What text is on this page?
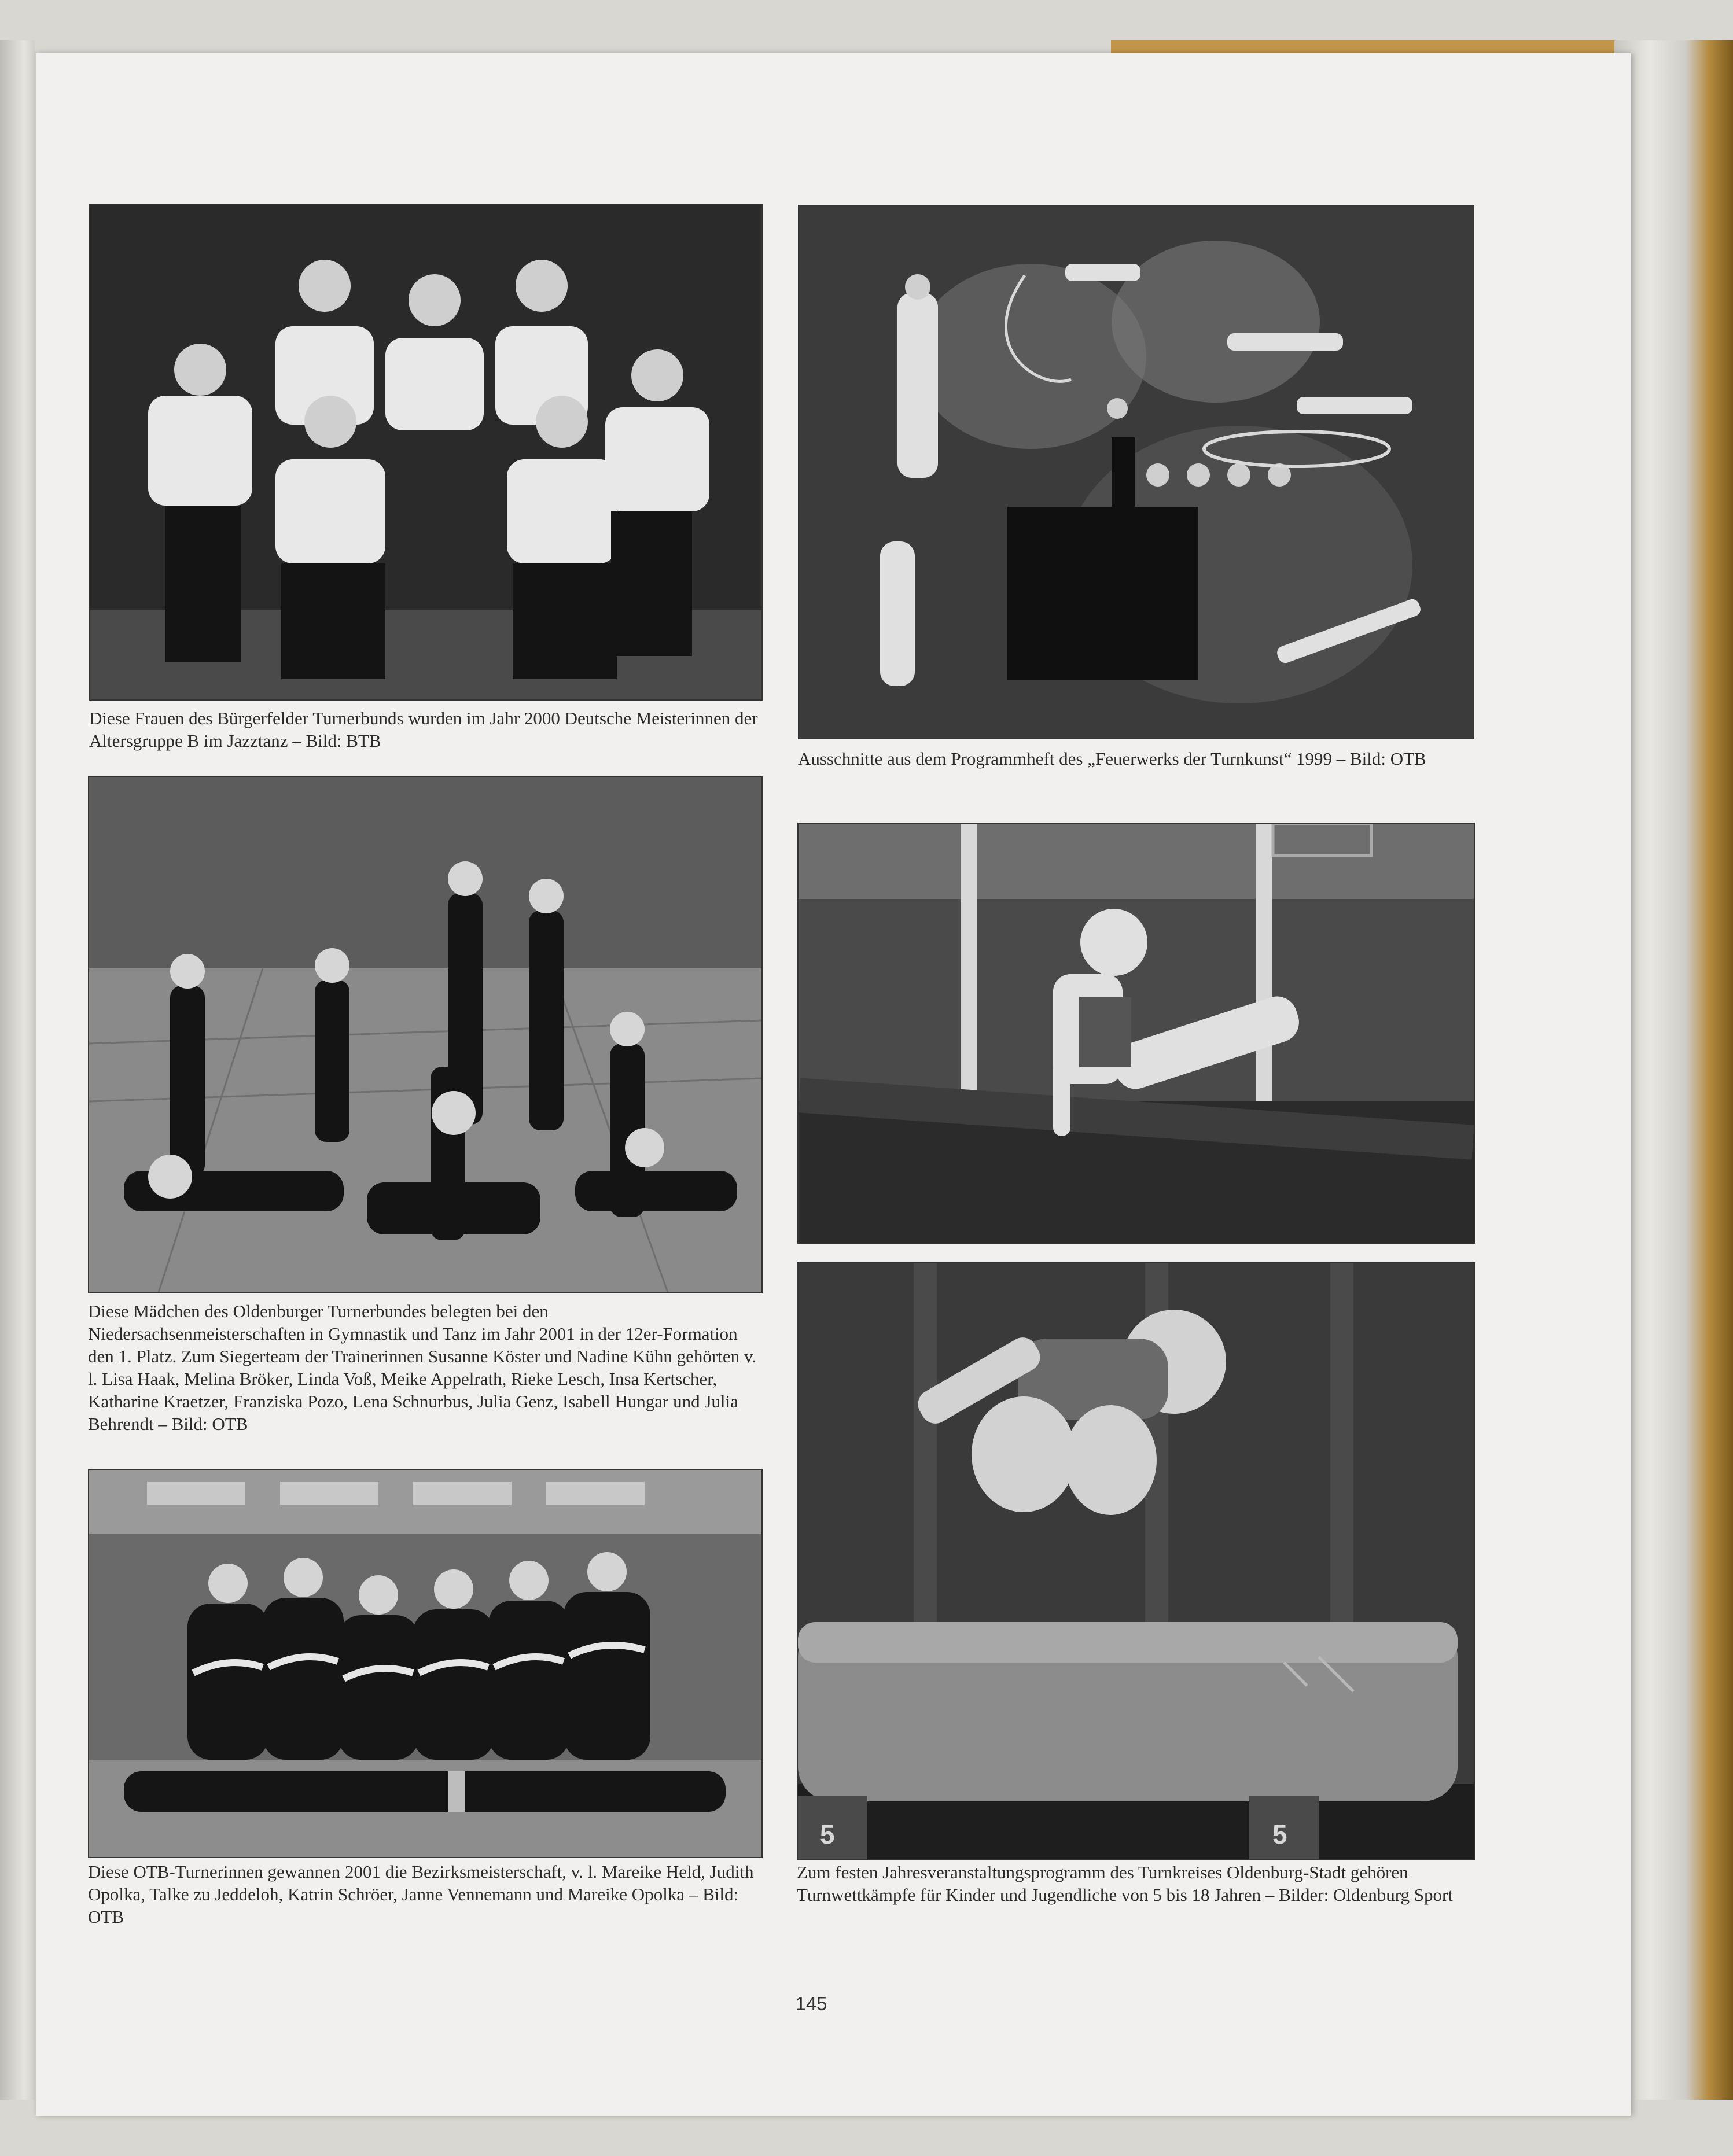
Diese Frauen des Bürgerfelder Turnerbunds wurden im Jahr 2000 Deutsche Meisterinnen der Altersgruppe B im Jazztanz – Bild: BTB

Ausschnitte aus dem Programmheft des „Feuerwerks der Turnkunst“ 1999 – Bild: OTB

Diese Mädchen des Oldenburger Turnerbundes belegten bei den Niedersachsenmeisterschaften in Gymnastik und Tanz im Jahr 2001 in der 12er-Formation den 1. Platz. Zum Siegerteam der Trainerinnen Susanne Köster und Nadine Kühn gehörten v. l. Lisa Haak, Melina Bröker, Linda Voß, Meike Appelrath, Rieke Lesch, Insa Kertscher, Katharine Kraetzer, Franziska Pozo, Lena Schnurbus, Julia Genz, Isabell Hungar und Julia Behrendt – Bild: OTB

Diese OTB-Turnerinnen gewannen 2001 die Bezirksmeisterschaft, v. l. Mareike Held, Judith Opolka, Talke zu Jeddeloh, Katrin Schröer, Janne Vennemann und Mareike Opolka – Bild: OTB

5	5

Zum festen Jahresveranstaltungsprogramm des Turnkreises Oldenburg-Stadt gehören Turnwettkämpfe für Kinder und Jugendliche von 5 bis 18 Jahren – Bilder: Oldenburg Sport

145
